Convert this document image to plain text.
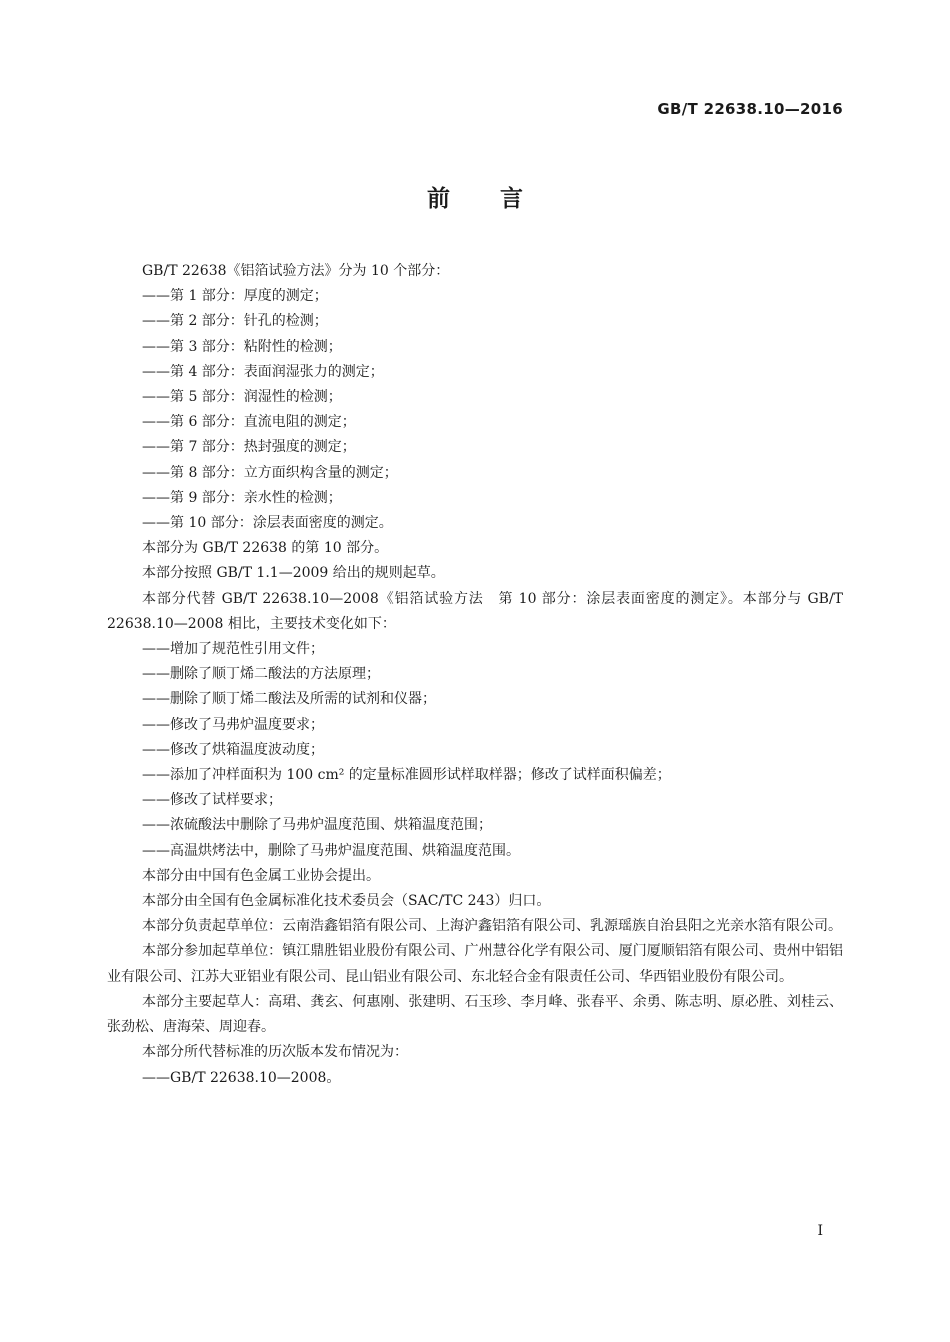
GB/T 22638.10—2016
前言

GB/T 22638《铝箔试验方法》分为 10 个部分：

——第 1 部分：厚度的测定；

——第 2 部分：针孔的检测；

——第 3 部分：粘附性的检测；

——第 4 部分：表面润湿张力的测定；

——第 5 部分：润湿性的检测；

——第 6 部分：直流电阻的测定；

——第 7 部分：热封强度的测定；

——第 8 部分：立方面织构含量的测定；

——第 9 部分：亲水性的检测；

——第 10 部分：涂层表面密度的测定。

本部分为 GB/T 22638 的第 10 部分。

本部分按照 GB/T 1.1—2009 给出的规则起草。

本部分代替 GB/T 22638.10—2008《铝箔试验方法　第 10 部分：涂层表面密度的测定》。本部分与 GB/T 22638.10—2008 相比，主要技术变化如下：

——增加了规范性引用文件；

——删除了顺丁烯二酸法的方法原理；

——删除了顺丁烯二酸法及所需的试剂和仪器；

——修改了马弗炉温度要求；

——修改了烘箱温度波动度；

——添加了冲样面积为 100 cm² 的定量标准圆形试样取样器；修改了试样面积偏差；

——修改了试样要求；

——浓硫酸法中删除了马弗炉温度范围、烘箱温度范围；

——高温烘烤法中，删除了马弗炉温度范围、烘箱温度范围。

本部分由中国有色金属工业协会提出。

本部分由全国有色金属标准化技术委员会（SAC/TC 243）归口。

本部分负责起草单位：云南浩鑫铝箔有限公司、上海沪鑫铝箔有限公司、乳源瑶族自治县阳之光亲水箔有限公司。

本部分参加起草单位：镇江鼎胜铝业股份有限公司、广州慧谷化学有限公司、厦门厦顺铝箔有限公司、贵州中铝铝业有限公司、江苏大亚铝业有限公司、昆山铝业有限公司、东北轻合金有限责任公司、华西铝业股份有限公司。

本部分主要起草人：高珺、龚玄、何惠刚、张建明、石玉珍、李月峰、张春平、余勇、陈志明、原必胜、刘桂云、张劲松、唐海荣、周迎春。

本部分所代替标准的历次版本发布情况为：

——GB/T 22638.10—2008。

I
